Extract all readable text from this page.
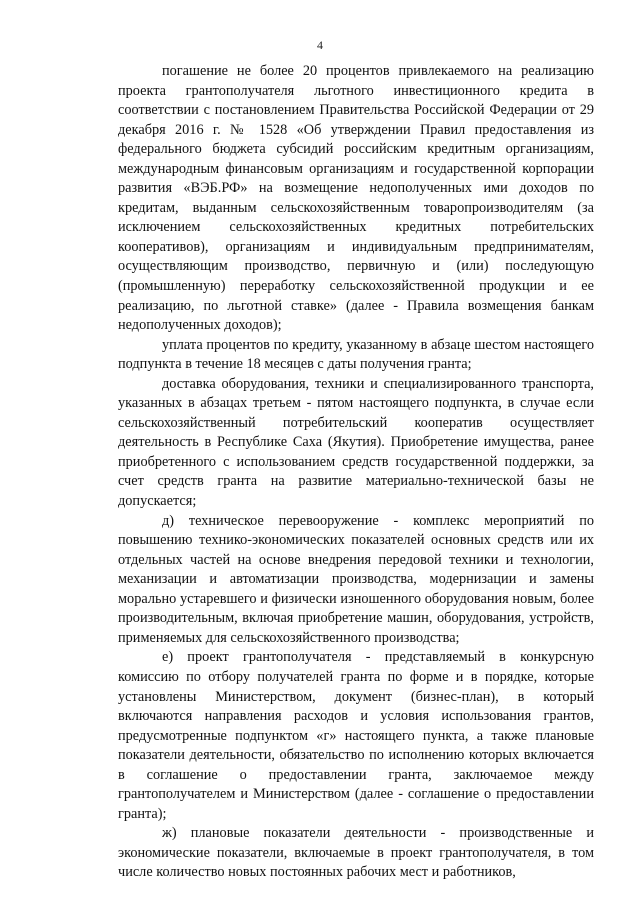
4

погашение не более 20 процентов привлекаемого на реализацию проекта грантополучателя льготного инвестиционного кредита в соответствии с постановлением Правительства Российской Федерации от 29 декабря 2016 г. № 1528 «Об утверждении Правил предоставления из федерального бюджета субсидий российским кредитным организациям, международным финансовым организациям и государственной корпорации развития «ВЭБ.РФ» на возмещение недополученных ими доходов по кредитам, выданным сельскохозяйственным товаропроизводителям (за исключением сельскохозяйственных кредитных потребительских кооперативов), организациям и индивидуальным предпринимателям, осуществляющим производство, первичную и (или) последующую (промышленную) переработку сельскохозяйственной продукции и ее реализацию, по льготной ставке» (далее - Правила возмещения банкам недополученных доходов);

уплата процентов по кредиту, указанному в абзаце шестом настоящего подпункта в течение 18 месяцев с даты получения гранта;

доставка оборудования, техники и специализированного транспорта, указанных в абзацах третьем - пятом настоящего подпункта, в случае если сельскохозяйственный потребительский кооператив осуществляет деятельность в Республике Саха (Якутия). Приобретение имущества, ранее приобретенного с использованием средств государственной поддержки, за счет средств гранта на развитие материально-технической базы не допускается;

д) техническое перевооружение - комплекс мероприятий по повышению технико-экономических показателей основных средств или их отдельных частей на основе внедрения передовой техники и технологии, механизации и автоматизации производства, модернизации и замены морально устаревшего и физически изношенного оборудования новым, более производительным, включая приобретение машин, оборудования, устройств, применяемых для сельскохозяйственного производства;

е) проект грантополучателя - представляемый в конкурсную комиссию по отбору получателей гранта по форме и в порядке, которые установлены Министерством, документ (бизнес-план), в который включаются направления расходов и условия использования грантов, предусмотренные подпунктом «г» настоящего пункта, а также плановые показатели деятельности, обязательство по исполнению которых включается в соглашение о предоставлении гранта, заключаемое между грантополучателем и Министерством (далее - соглашение о предоставлении гранта);

ж) плановые показатели деятельности - производственные и экономические показатели, включаемые в проект грантополучателя, в том числе количество новых постоянных рабочих мест и работников,
